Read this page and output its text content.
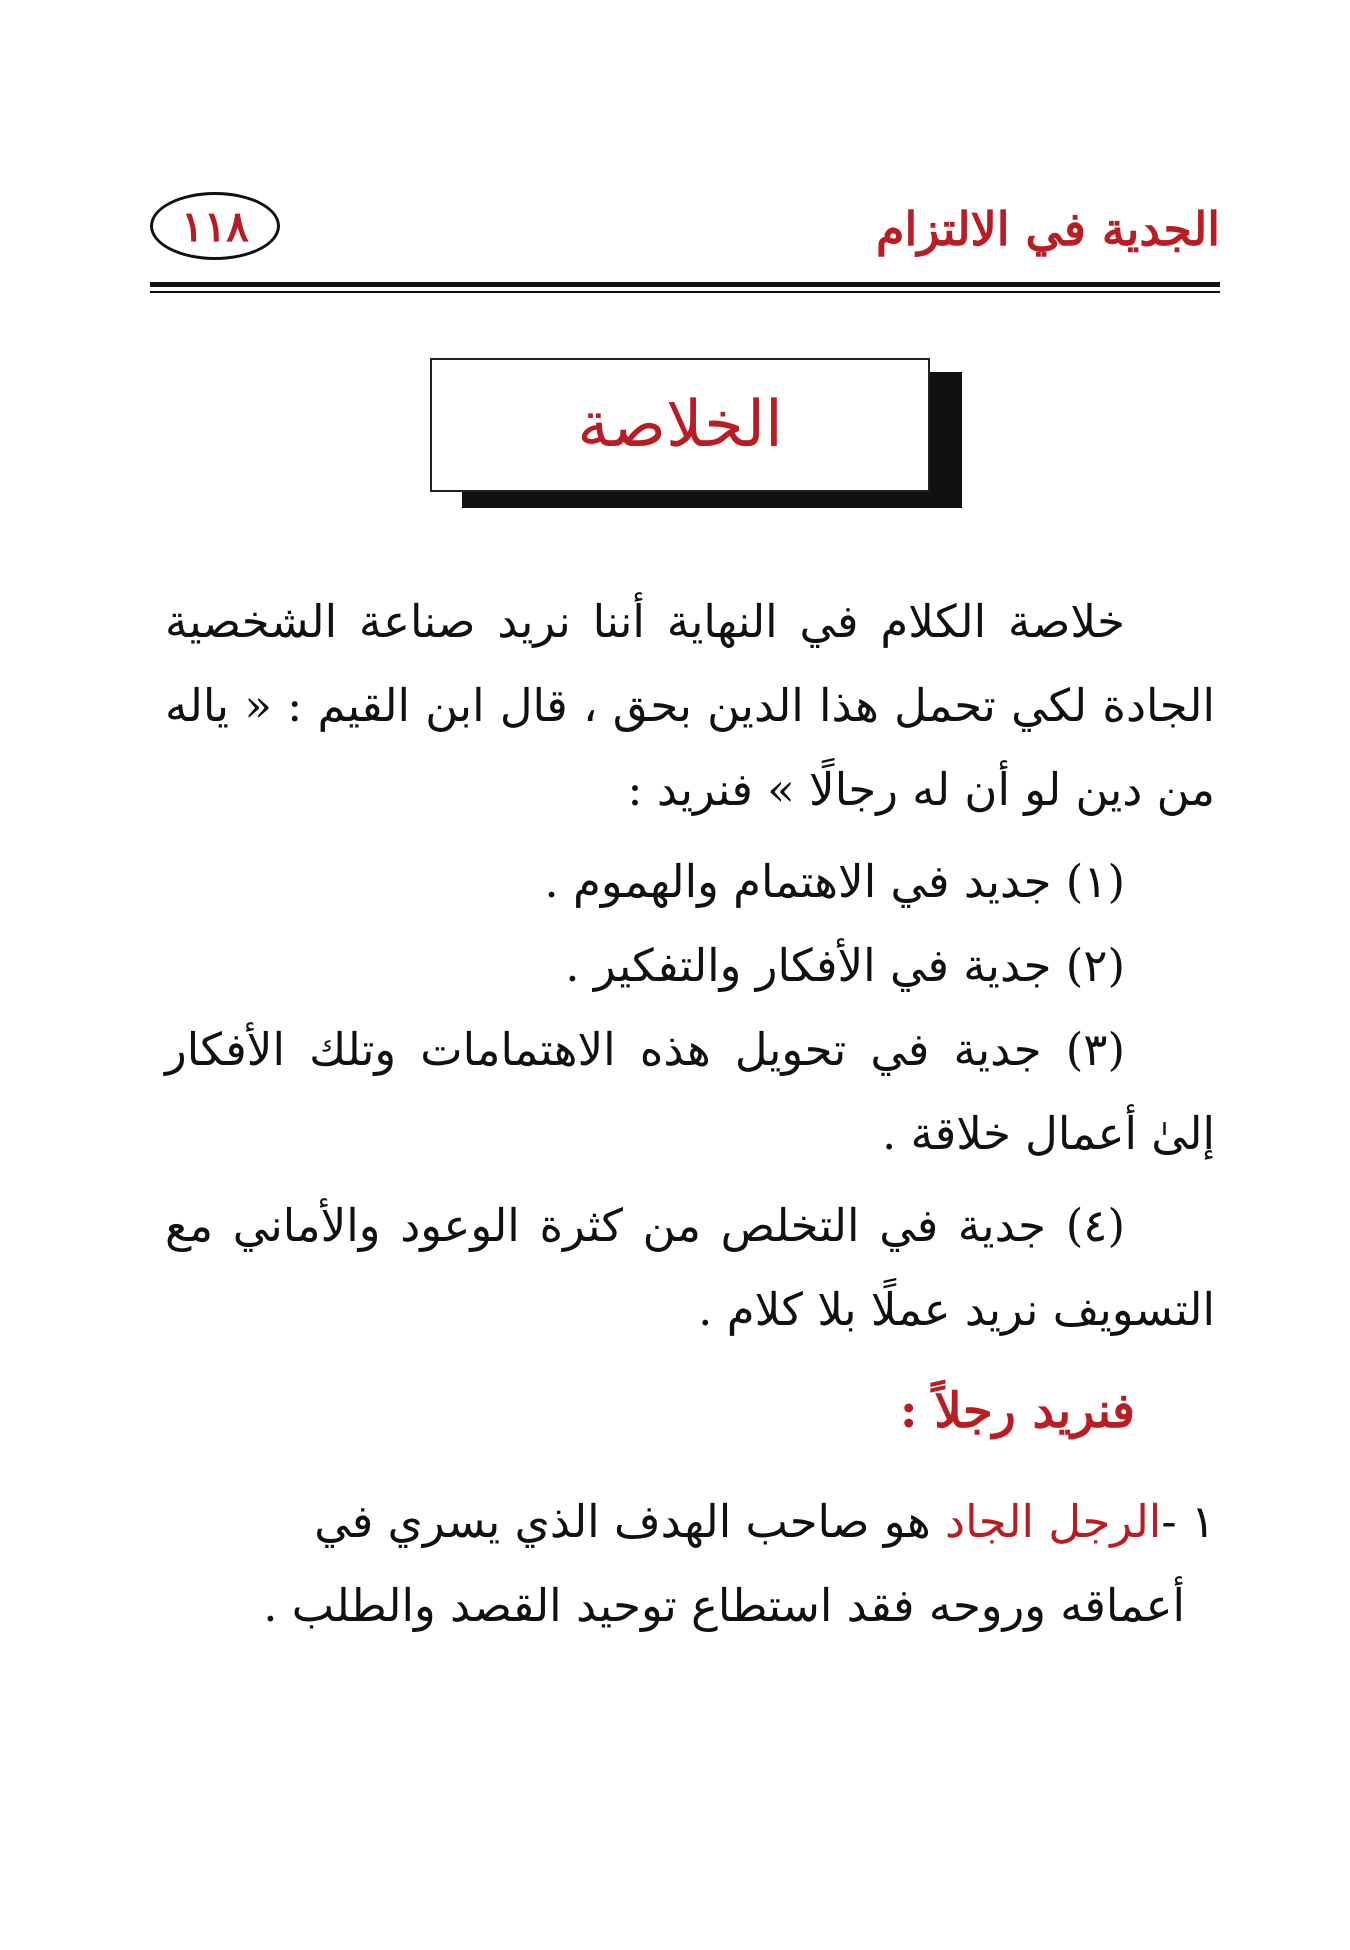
الجدية في الالتزام
١١٨
الخلاصة

خلاصة الكلام في النهاية أننا نريد صناعة الشخصية الجادة لكي تحمل هذا الدين بحق ، قال ابن القيم : « ياله من دين لو أن له رجالًا » فنريد :

(١) جديد في الاهتمام والهموم .

(٢) جدية في الأفكار والتفكير .

(٣) جدية في تحويل هذه الاهتمامات وتلك الأفكار إلىٰ أعمال خلاقة .

(٤) جدية في التخلص من كثرة الوعود والأماني مع التسويف نريد عملًا بلا كلام .

فنريد رجلاً :

١ -الرجل الجاد هو صاحب الهدف الذي يسري في
أعماقه وروحه فقد استطاع توحيد القصد والطلب .
